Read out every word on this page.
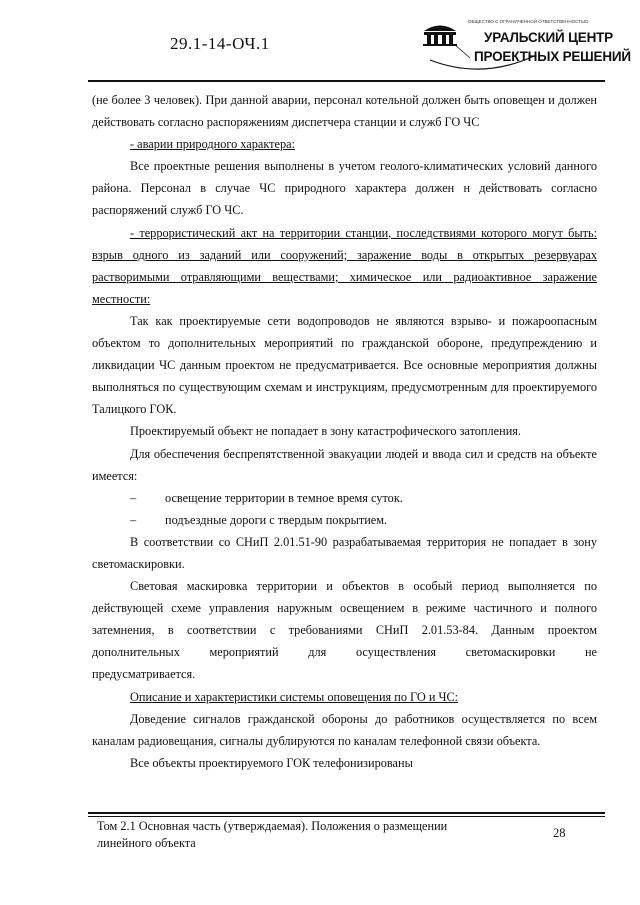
29.1-14-ОЧ.1
ОБЩЕСТВО С ОГРАНИЧЕННОЙ ОТВЕТСТВЕННОСТЬЮ
УРАЛЬСКИЙ ЦЕНТР
ПРОЕКТНЫХ РЕШЕНИЙ

(не более 3 человек). При данной аварии, персонал котельной должен быть оповещен и должен действовать согласно распоряжениям диспетчера станции и служб ГО ЧС

- аварии природного характера:

Все проектные решения выполнены в учетом геолого-климатических условий данного района. Персонал в случае ЧС природного характера должен н действовать согласно распоряжений служб ГО ЧС.

- террористический акт на территории станции, последствиями которого могут быть: взрыв одного из заданий или сооружений; заражение воды в открытых резервуарах растворимыми отравляющими веществами; химическое или радиоактивное заражение местности:

Так как проектируемые сети водопроводов не являются взрыво- и пожароопасным объектом то дополнительных мероприятий по гражданской обороне, предупреждению и ликвидации ЧС данным проектом не предусматривается. Все основные мероприятия должны выполняться по существующим схемам и инструкциям, предусмотренным для проектируемого Талицкого ГОК.

Проектируемый объект не попадает в зону катастрофического затопления.

Для обеспечения беспрепятственной эвакуации людей и ввода сил и средств на объекте имеется:

–	освещение территории в темное время суток.
–	подъездные дороги с твердым покрытием.

В соответствии со СНиП 2.01.51-90 разрабатываемая территория не попадает в зону светомаскировки.

Световая маскировка территории и объектов в особый период выполняется по действующей схеме управления наружным освещением в режиме частичного и полного затемнения, в соответствии с требованиями СНиП 2.01.53-84. Данным проектом дополнительных мероприятий для осуществления светомаскировки не

предусматривается.

Описание и характеристики системы оповещения по ГО и ЧС:

Доведение сигналов гражданской обороны до работников осуществляется по всем каналам радиовещания, сигналы дублируются по каналам телефонной связи объекта.

Все объекты проектируемого ГОК телефонизированы

Том 2.1 Основная часть (утверждаемая). Положения о размещении линейного объекта
28
